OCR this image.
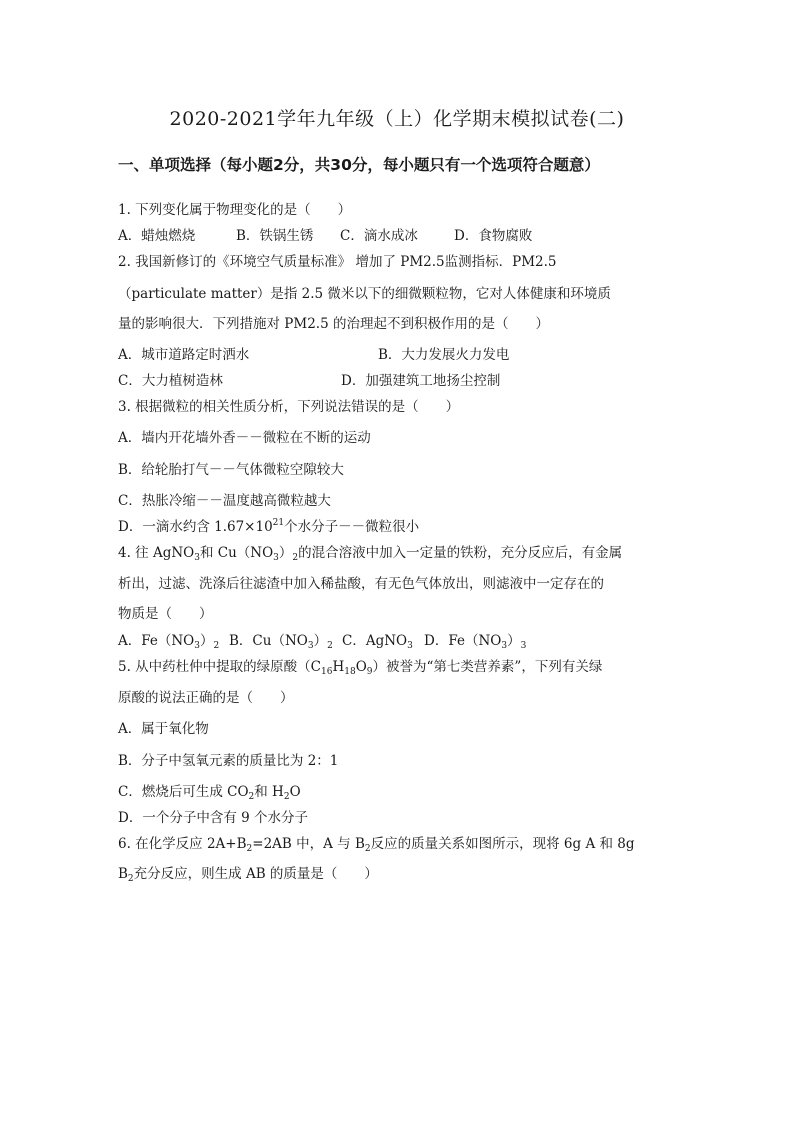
2020-2021学年九年级（上）化学期末模拟试卷(二)
一、单项选择（每小题2分，共30分，每小题只有一个选项符合题意）
1. 下列变化属于物理变化的是（　　）
A．蜡烛燃烧	B．铁锅生锈 C．滴水成冰	D．食物腐败
2. 我国新修订的《环境空气质量标准》 增加了 PM2.5监测指标．PM2.5
（particulate matter）是指 2.5 微米以下的细微颗粒物，它对人体健康和环境质
量的影响很大．下列措施对 PM2.5 的治理起不到积极作用的是（　　）
A．城市道路定时洒水	B．大力发展火力发电
C．大力植树造林	D．加强建筑工地扬尘控制
3. 根据微粒的相关性质分析，下列说法错误的是（　　）
A．墙内开花墙外香－－微粒在不断的运动
B．给轮胎打气－－气体微粒空隙较大
C．热胀冷缩－－温度越高微粒越大
D．一滴水约含 $1.67\times 10^{21}$个水分子－－微粒很小
4. 往 AgNO$_3$和 $Cu(NO_3)_2$的混合溶液中加入一定量的铁粉，充分反应后，有金属
析出，过滤、洗涤后往滤渣中加入稀盐酸，有无色气体放出，则滤液中一定存在的
物质是（　　）
A．$Fe(NO_3)_2$ B．$Cu(NO_3)_2$ C．AgNO$_3$ D．$Fe(NO_3)_3$
5. 从中药杜仲中提取的绿原酸$(C_{16}H_{18}O_9)$被誉为“第七类营养素”，下列有关绿
原酸的说法正确的是（　　）
A．属于氧化物
B．分子中氢氧元素的质量比为 2：1
C．燃烧后可生成 $CO_2$和 $H_2O$
D．一个分子中含有 9 个水分子
6. 在化学反应 $2A+B_2=2AB$ 中，A 与 $B_2$反应的质量关系如图所示，现将 6g A 和 8g
$B_2$充分反应，则生成 AB 的质量是（　　）
